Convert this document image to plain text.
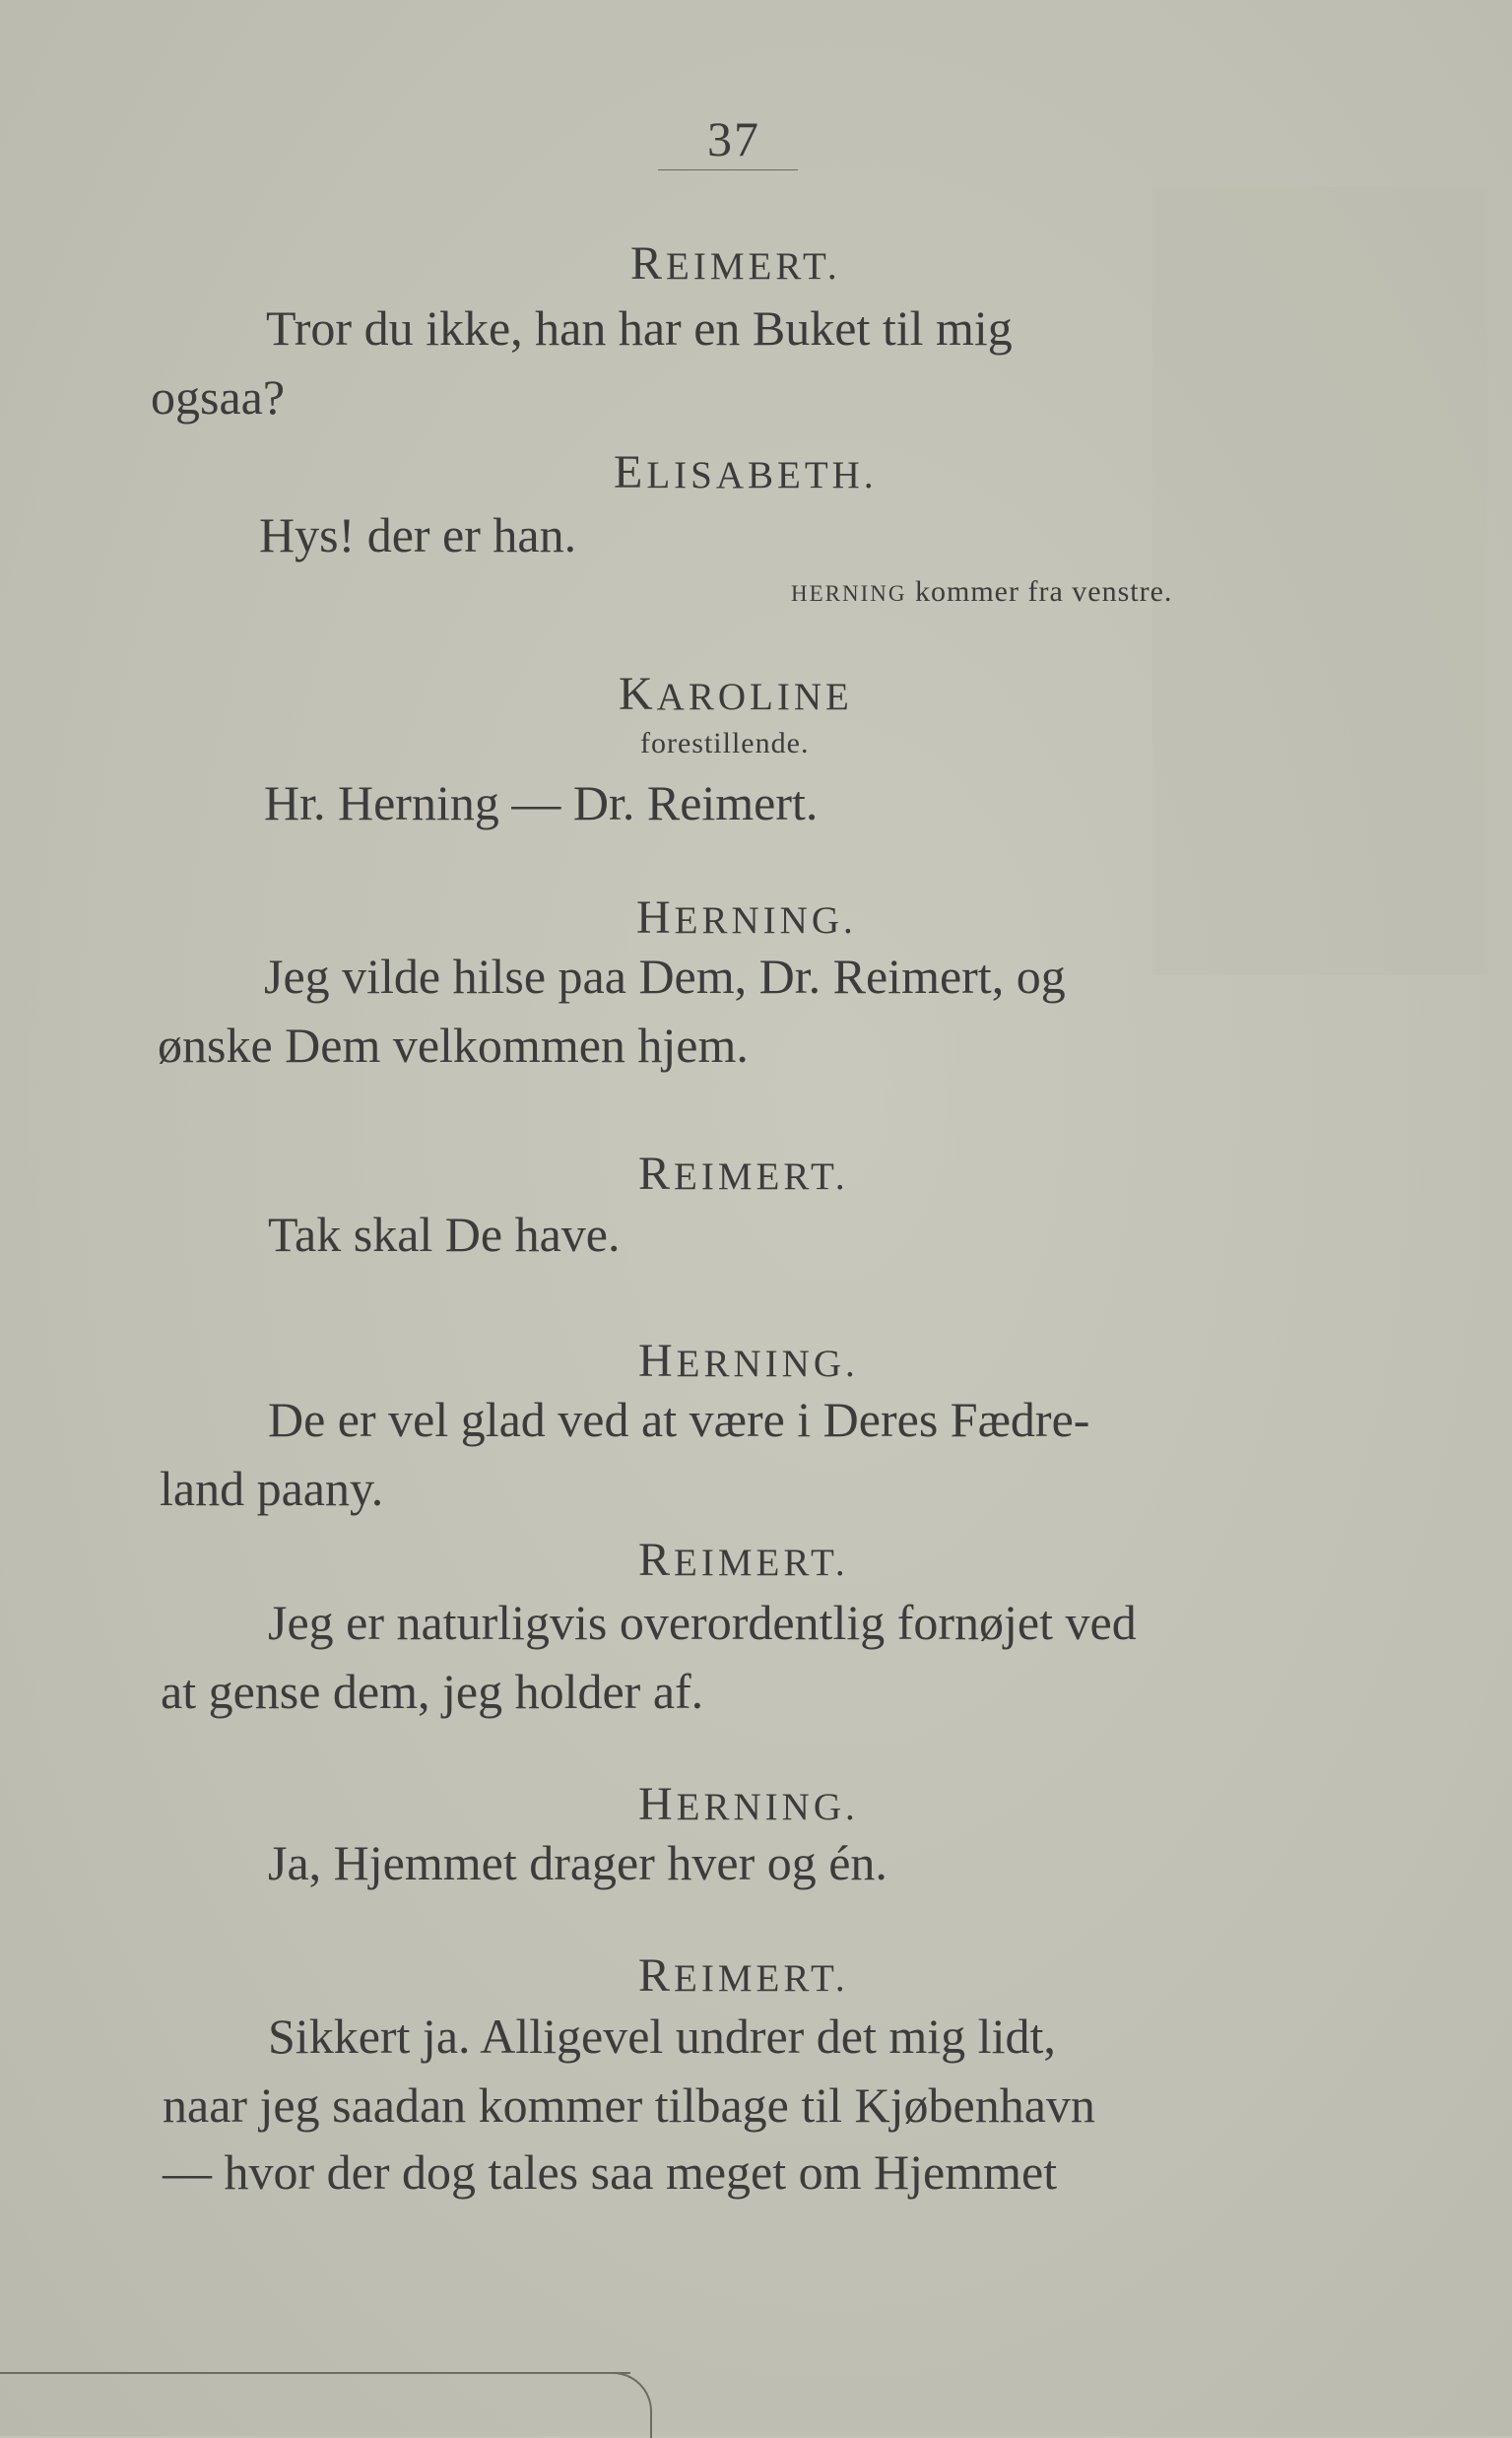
37
REIMERT.
Tror du ikke, han har en Buket til mig
ogsaa?
ELISABETH.
Hys! der er han.
HERNING kommer fra venstre.
KAROLINE
forestillende.
Hr. Herning — Dr. Reimert.
HERNING.
Jeg vilde hilse paa Dem, Dr. Reimert, og
ønske Dem velkommen hjem.
REIMERT.
Tak skal De have.
HERNING.
De er vel glad ved at være i Deres Fædre-
land paany.
REIMERT.
Jeg er naturligvis overordentlig fornøjet ved
at gense dem, jeg holder af.
HERNING.
Ja, Hjemmet drager hver og én.
REIMERT.
Sikkert ja. Alligevel undrer det mig lidt,
naar jeg saadan kommer tilbage til Kjøbenhavn
— hvor der dog tales saa meget om Hjemmet
